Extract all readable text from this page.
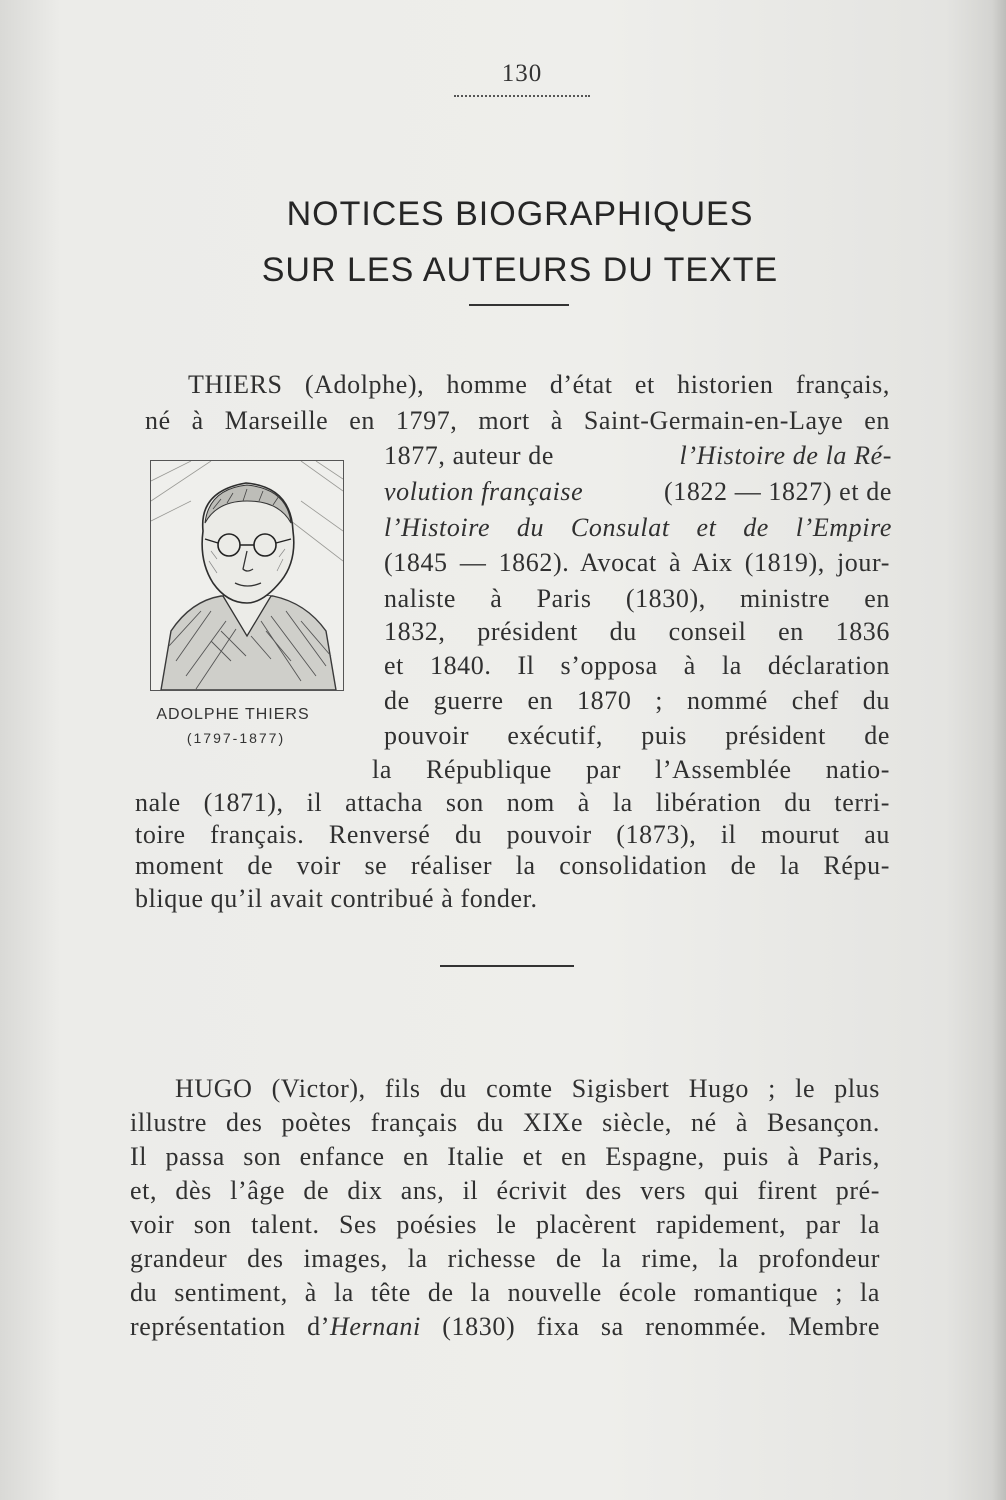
130
NOTICES BIOGRAPHIQUES
SUR LES AUTEURS DU TEXTE
THIERS (Adolphe), homme d’état et historien français,
né à Marseille en 1797, mort à Saint-Germain-en-Laye en
1877, auteur de	l’Histoire de la Ré-
volution française	(1822 — 1827) et de
l’Histoire du Consulat et de l’Empire
(1845 — 1862). Avocat à Aix (1819), jour-
naliste à Paris (1830), ministre en
1832, président du conseil en 1836
et 1840. Il s’opposa à la déclaration
de guerre en 1870 ; nommé chef du
pouvoir exécutif, puis président de
la République par l’Assemblée natio-
nale (1871), il attacha son nom à la libération du terri-
toire français. Renversé du pouvoir (1873), il mourut au
moment de voir se réaliser la consolidation de la Répu-
blique qu’il avait contribué à fonder.
ADOLPHE THIERS
(1797-1877)
HUGO (Victor), fils du comte Sigisbert Hugo ; le plus
illustre des poètes français du XIXe siècle, né à Besançon.
Il passa son enfance en Italie et en Espagne, puis à Paris,
et, dès l’âge de dix ans, il écrivit des vers qui firent pré-
voir son talent. Ses poésies le placèrent rapidement, par la
grandeur des images, la richesse de la rime, la profondeur
du sentiment, à la tête de la nouvelle école romantique ; la
représentation d’Hernani (1830) fixa sa renommée. Membre
